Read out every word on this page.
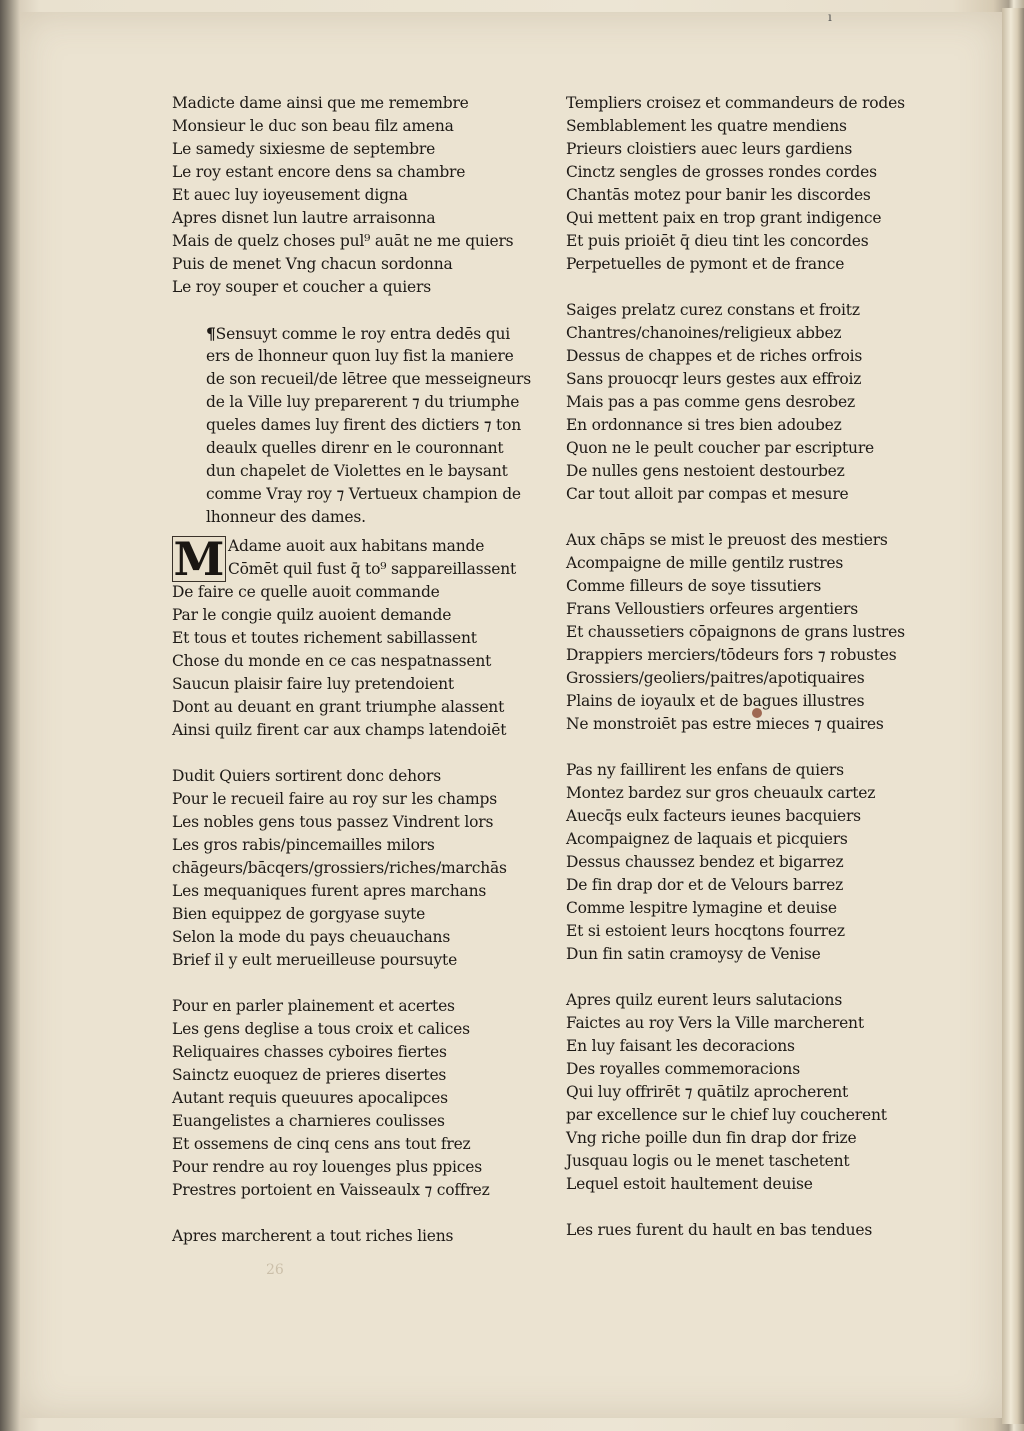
ı
26
Madicte dame ainsi que me remembre
Monsieur le duc son beau filz amena
Le samedy sixiesme de septembre
Le roy estant encore dens sa chambre
Et auec luy ioyeusement digna
Apres disnet lun lautre arraisonna
Mais de quelz choses pul⁹ auāt ne me quiers
Puis de menet Vng chacun sordonna
Le roy souper et coucher a quiers
¶Sensuyt comme le roy entra dedēs qui
ers de lhonneur quon luy fist la maniere
de son recueil/de lētree que messeigneurs
de la Ville luy preparerent ⁊ du triumphe
queles dames luy firent des dictiers ⁊ ton
deaulx quelles direnr en le couronnant
dun chapelet de Violettes en le baysant
comme Vray roy ⁊ Vertueux champion de
lhonneur des dames.
M Adame auoit aux habitans mande
Cōmēt quil fust q̄ to⁹ sappareillassent
De faire ce quelle auoit commande
Par le congie quilz auoient demande
Et tous et toutes richement sabillassent
Chose du monde en ce cas nespatnassent
Saucun plaisir faire luy pretendoient
Dont au deuant en grant triumphe alassent
Ainsi quilz firent car aux champs latendoiēt
Dudit Quiers sortirent donc dehors
Pour le recueil faire au roy sur les champs
Les nobles gens tous passez Vindrent lors
Les gros rabis/pincemailles milors
chāgeurs/bācqers/grossiers/riches/marchās
Les mequaniques furent apres marchans
Bien equippez de gorgyase suyte
Selon la mode du pays cheuauchans
Brief il y eult merueilleuse poursuyte
Pour en parler plainement et acertes
Les gens deglise a tous croix et calices
Reliquaires chasses cyboires fiertes
Sainctz euoquez de prieres disertes
Autant requis queuures apocalipces
Euangelistes a charnieres coulisses
Et ossemens de cinq cens ans tout frez
Pour rendre au roy louenges plus ppices
Prestres portoient en Vaisseaulx ⁊ coffrez
Apres marcherent a tout riches liens
Templiers croisez et commandeurs de rodes
Semblablement les quatre mendiens
Prieurs cloistiers auec leurs gardiens
Cinctz sengles de grosses rondes cordes
Chantās motez pour banir les discordes
Qui mettent paix en trop grant indigence
Et puis prioiēt q̄ dieu tint les concordes
Perpetuelles de pymont et de france
Saiges prelatz curez constans et froitz
Chantres/chanoines/religieux abbez
Dessus de chappes et de riches orfrois
Sans prouocqr leurs gestes aux effroiz
Mais pas a pas comme gens desrobez
En ordonnance si tres bien adoubez
Quon ne le peult coucher par escripture
De nulles gens nestoient destourbez
Car tout alloit par compas et mesure
Aux chāps se mist le preuost des mestiers
Acompaigne de mille gentilz rustres
Comme filleurs de soye tissutiers
Frans Velloustiers orfeures argentiers
Et chaussetiers cōpaignons de grans lustres
Drappiers merciers/tōdeurs fors ⁊ robustes
Grossiers/geoliers/paitres/apotiquaires
Plains de ioyaulx et de bagues illustres
Ne monstroiēt pas estre mieces ⁊ quaires
Pas ny faillirent les enfans de quiers
Montez bardez sur gros cheuaulx cartez
Auecq̄s eulx facteurs ieunes bacquiers
Acompaignez de laquais et picquiers
Dessus chaussez bendez et bigarrez
De fin drap dor et de Velours barrez
Comme lespitre lymagine et deuise
Et si estoient leurs hocqtons fourrez
Dun fin satin cramoysy de Venise
Apres quilz eurent leurs salutacions
Faictes au roy Vers la Ville marcherent
En luy faisant les decoracions
Des royalles commemoracions
Qui luy offrirēt ⁊ quātilz aprocherent
par excellence sur le chief luy coucherent
Vng riche poille dun fin drap dor frize
Jusquau logis ou le menet taschetent
Lequel estoit haultement deuise
Les rues furent du hault en bas tendues
